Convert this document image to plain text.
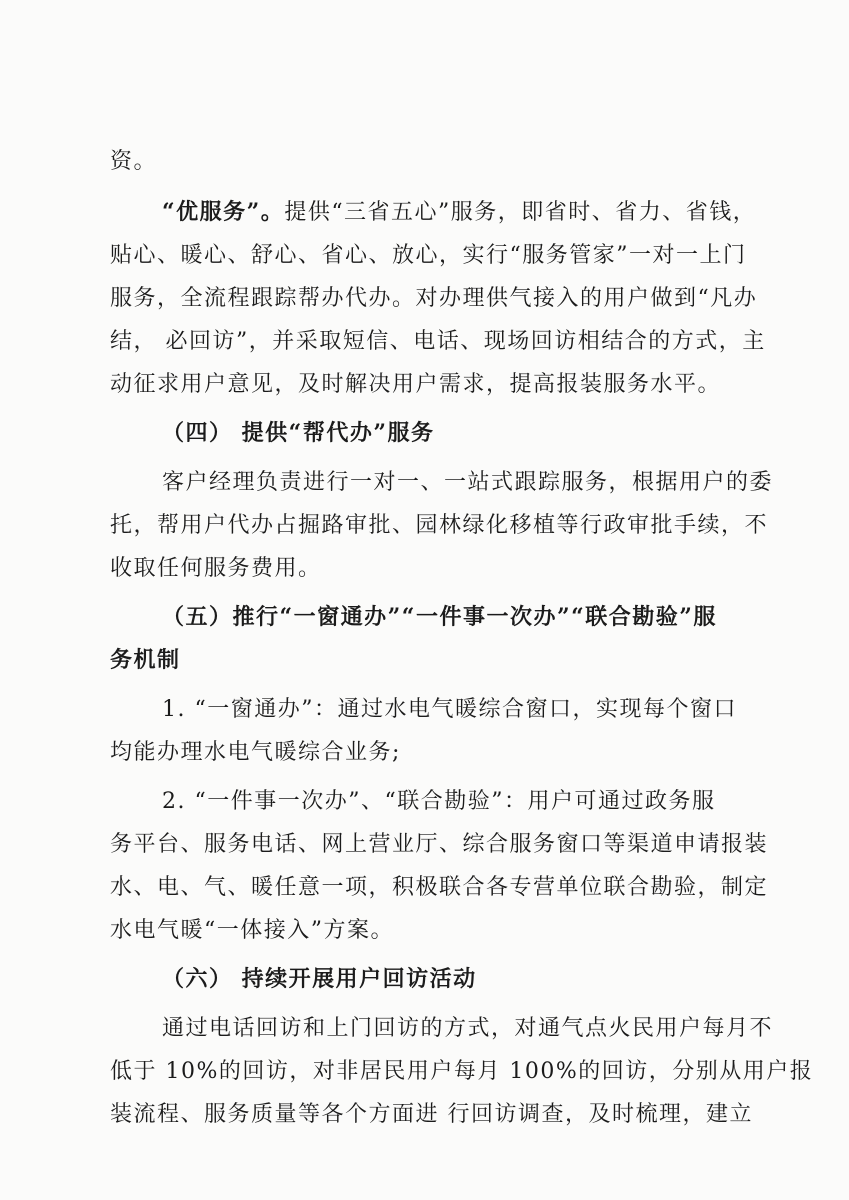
资。
“优服务”。提供“三省五心”服务，即省时、省力、省钱，
贴心、暖心、舒心、省心、放心，实行“服务管家”一对一上门
服务，全流程跟踪帮办代办。对办理供气接入的用户做到“凡办
结， 必回访”，并采取短信、电话、现场回访相结合的方式，主
动征求用户意见，及时解决用户需求，提高报装服务水平。
（四） 提供“帮代办”服务
客户经理负责进行一对一、一站式跟踪服务，根据用户的委
托，帮用户代办占掘路审批、园林绿化移植等行政审批手续，不
收取任何服务费用。
（五）推行“一窗通办”“一件事一次办”“联合勘验”服
务机制
1. “一窗通办”：通过水电气暖综合窗口，实现每个窗口
均能办理水电气暖综合业务;
2. “一件事一次办”、“联合勘验”：用户可通过政务服
务平台、服务电话、网上营业厅、综合服务窗口等渠道申请报装
水、电、气、暖任意一项，积极联合各专营单位联合勘验，制定
水电气暖“一体接入”方案。
（六） 持续开展用户回访活动
通过电话回访和上门回访的方式，对通气点火民用户每月不
低于 10%的回访，对非居民用户每月 100%的回访，分别从用户报
装流程、服务质量等各个方面进 行回访调查，及时梳理，建立
